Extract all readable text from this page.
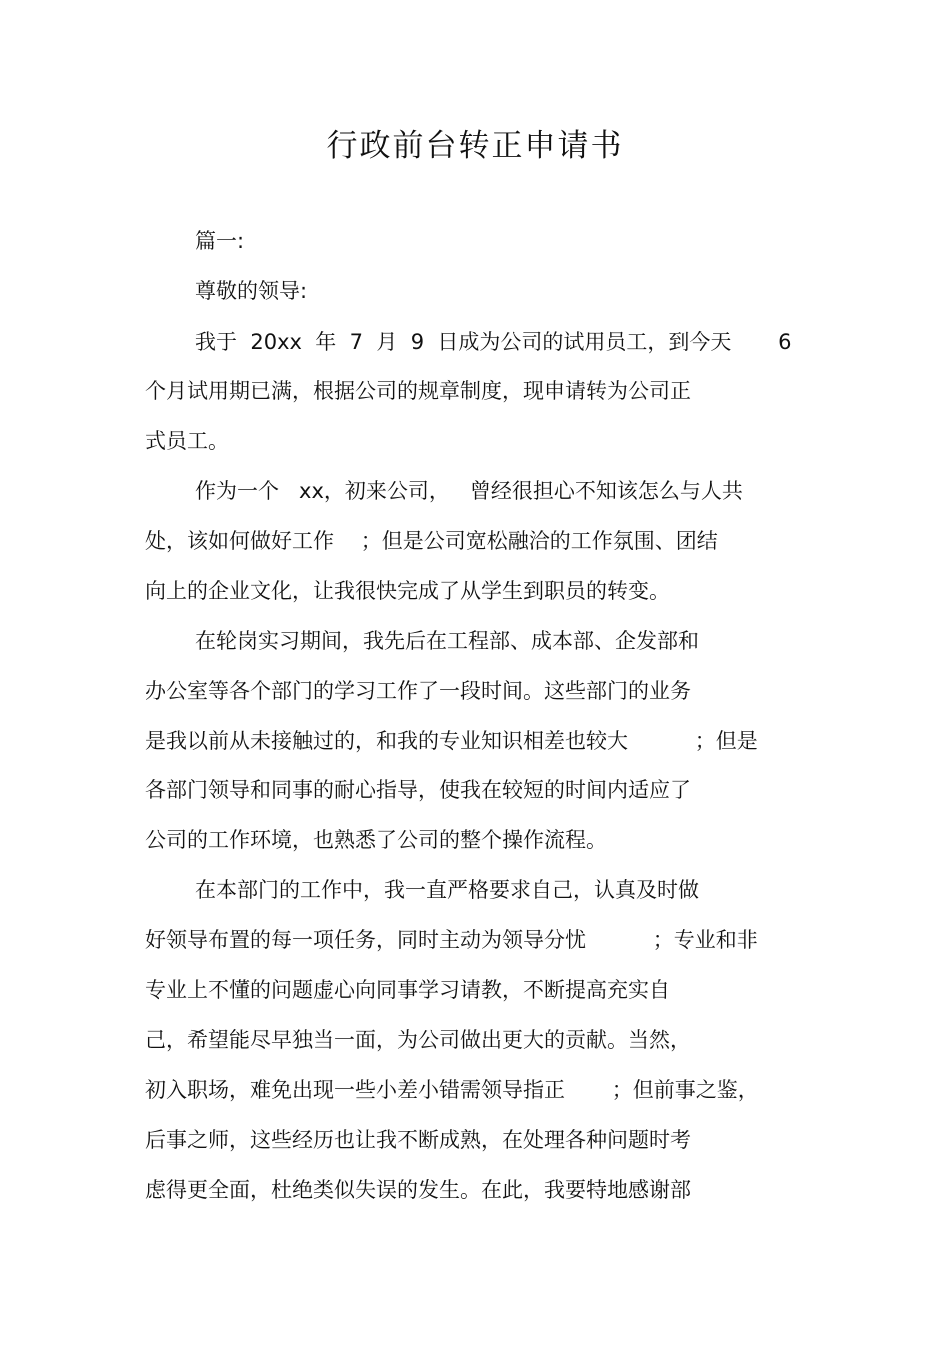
行政前台转正申请书
篇一:
尊敬的领导:
我于  20xx  年  7  月  9  日成为公司的试用员工，到今天       6
个月试用期已满，根据公司的规章制度，现申请转为公司正
式员工。
作为一个   xx，初来公司，   曾经很担心不知该怎么与人共
处，该如何做好工作    ；但是公司宽松融洽的工作氛围、团结
向上的企业文化，让我很快完成了从学生到职员的转变。
在轮岗实习期间，我先后在工程部、成本部、企发部和
办公室等各个部门的学习工作了一段时间。这些部门的业务
是我以前从未接触过的，和我的专业知识相差也较大          ；但是
各部门领导和同事的耐心指导，使我在较短的时间内适应了
公司的工作环境，也熟悉了公司的整个操作流程。
在本部门的工作中，我一直严格要求自己，认真及时做
好领导布置的每一项任务，同时主动为领导分忧          ；专业和非
专业上不懂的问题虚心向同事学习请教，不断提高充实自
己，希望能尽早独当一面，为公司做出更大的贡献。当然，
初入职场，难免出现一些小差小错需领导指正       ；但前事之鉴，
后事之师，这些经历也让我不断成熟，在处理各种问题时考
虑得更全面，杜绝类似失误的发生。在此，我要特地感谢部
